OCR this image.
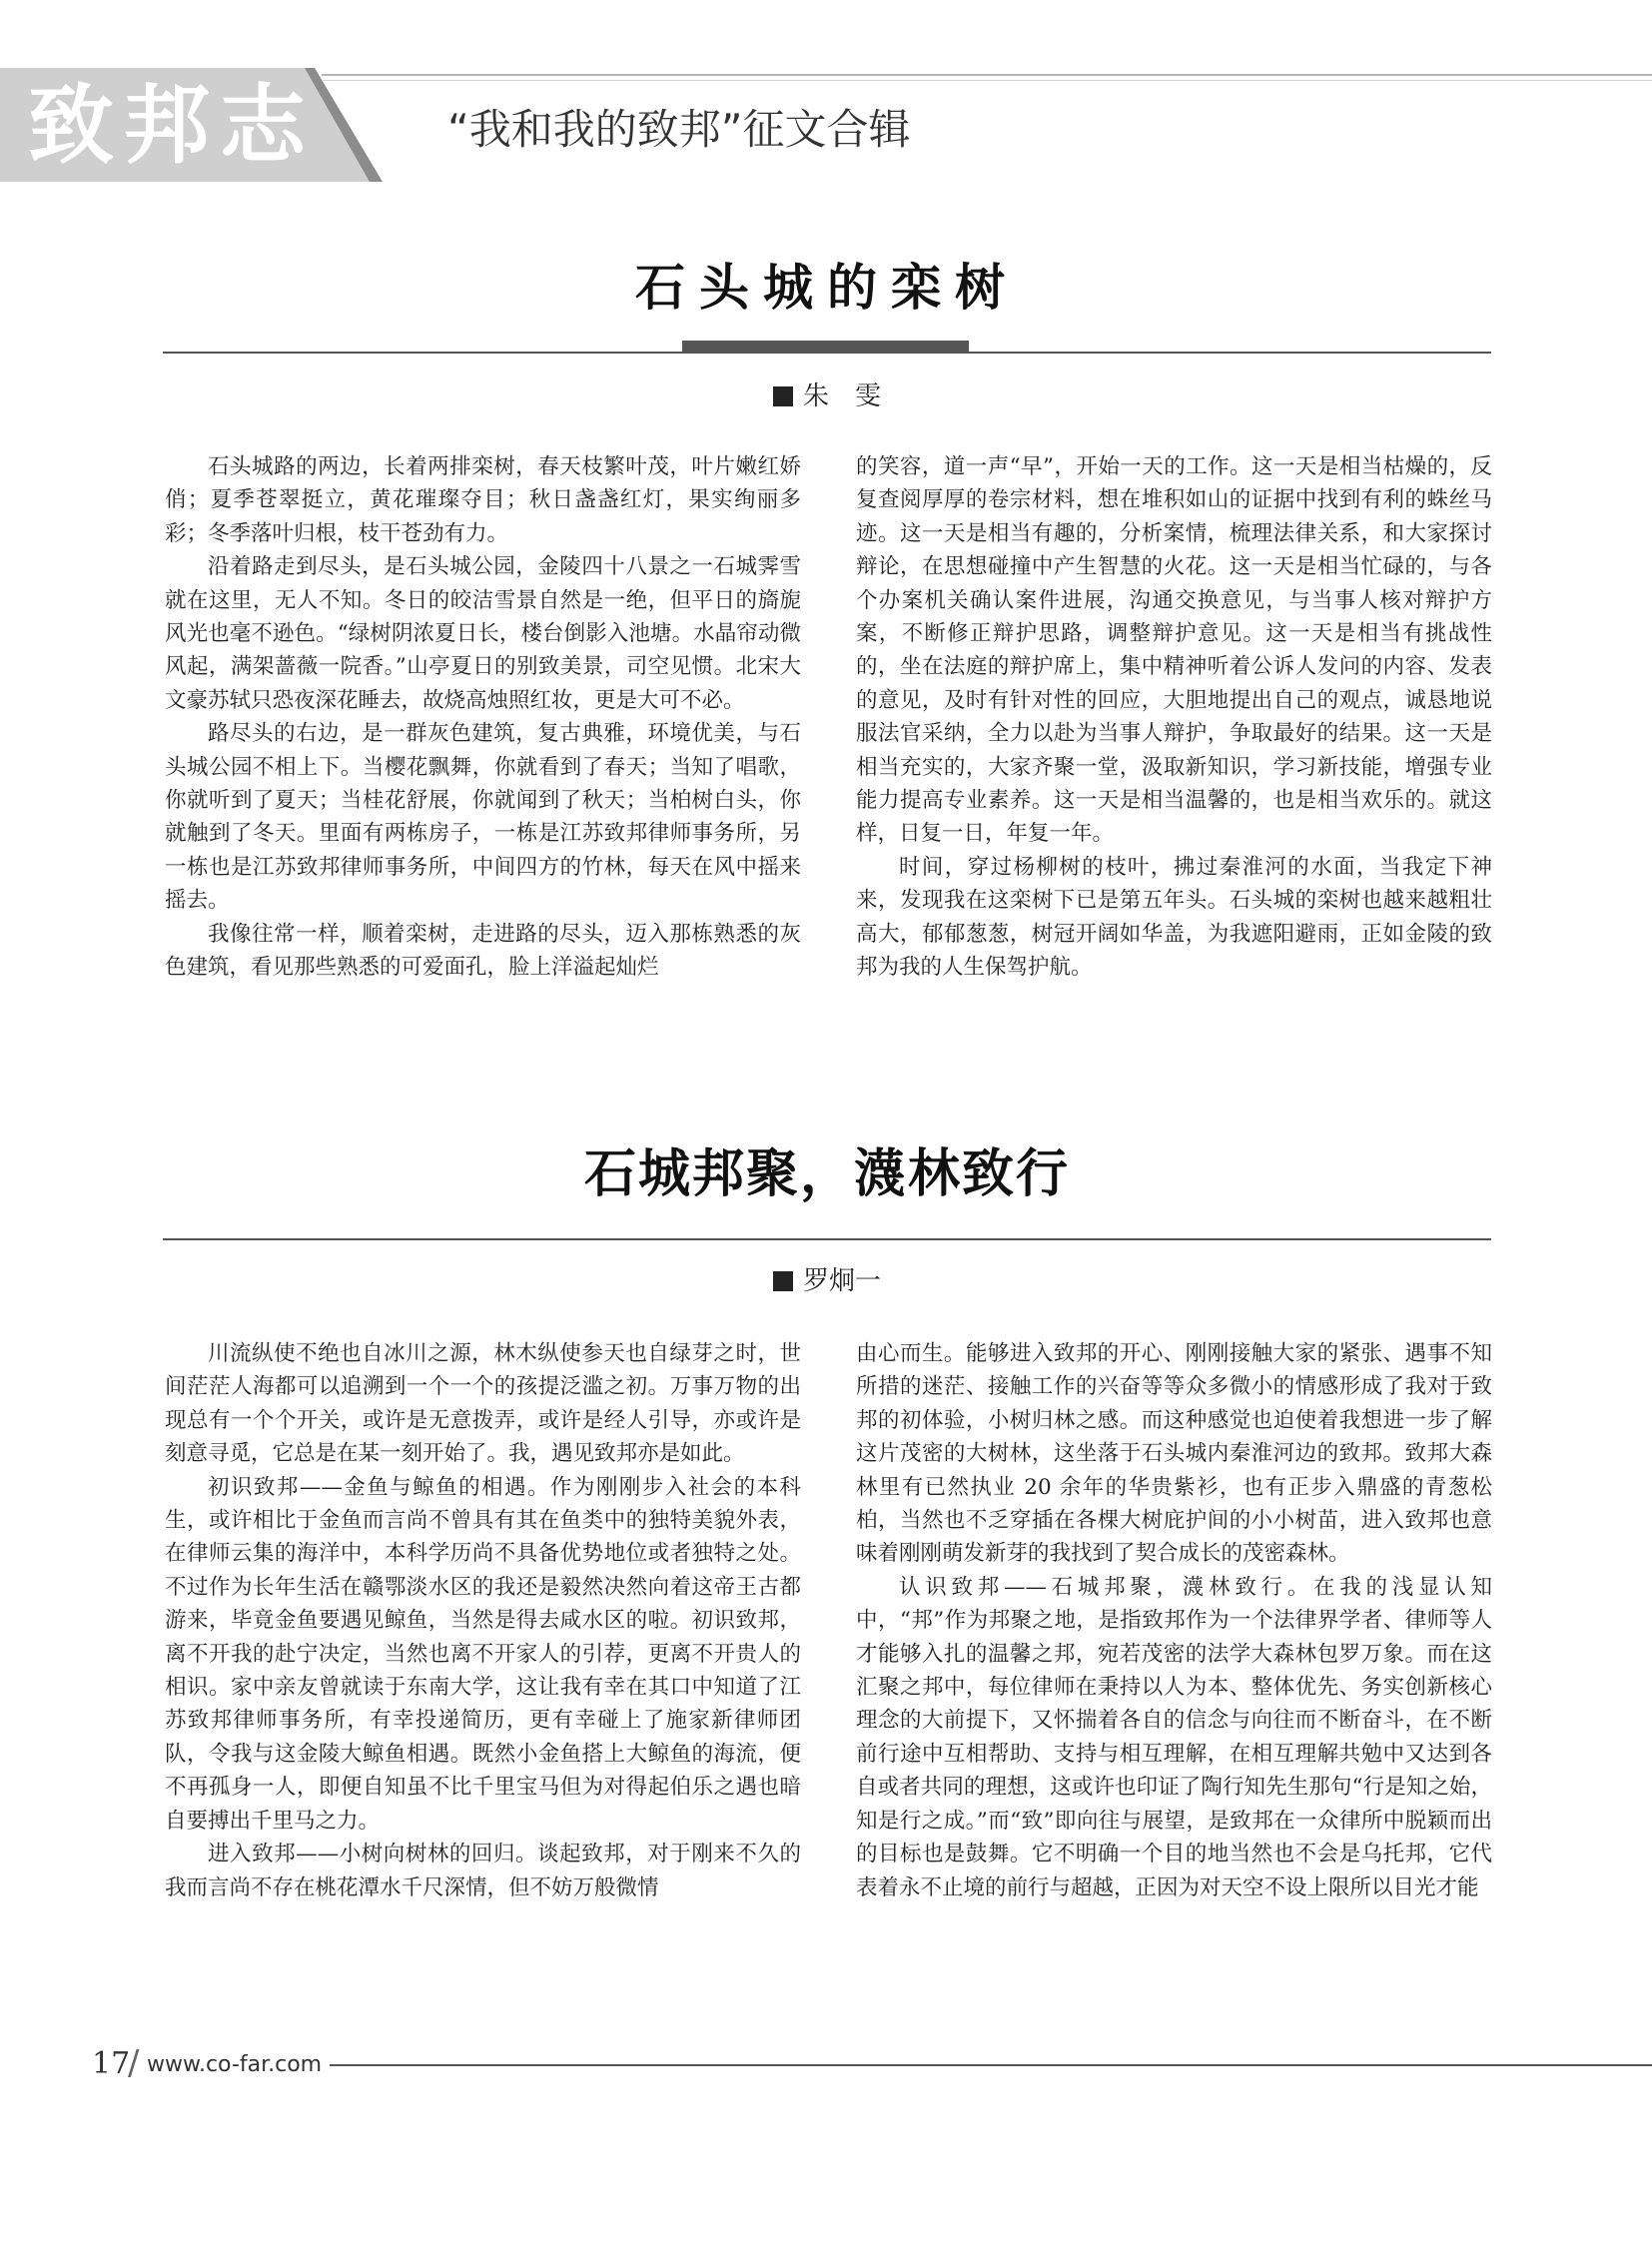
致邦志	“我和我的致邦”征文合辑
石头城的栾树
朱　雯

石头城路的两边，长着两排栾树，春天枝繁叶茂，叶片嫩红娇俏；夏季苍翠挺立，黄花璀璨夺目；秋日盏盏红灯，果实绚丽多彩；冬季落叶归根，枝干苍劲有力。

沿着路走到尽头，是石头城公园，金陵四十八景之一石城霁雪就在这里，无人不知。冬日的皎洁雪景自然是一绝，但平日的旖旎风光也毫不逊色。“绿树阴浓夏日长，楼台倒影入池塘。水晶帘动微风起，满架蔷薇一院香。”山亭夏日的别致美景，司空见惯。北宋大文豪苏轼只恐夜深花睡去，故烧高烛照红妆，更是大可不必。

路尽头的右边，是一群灰色建筑，复古典雅，环境优美，与石头城公园不相上下。当樱花飘舞，你就看到了春天；当知了唱歌，你就听到了夏天；当桂花舒展，你就闻到了秋天；当柏树白头，你就触到了冬天。里面有两栋房子，一栋是江苏致邦律师事务所，另一栋也是江苏致邦律师事务所，中间四方的竹林，每天在风中摇来摇去。

我像往常一样，顺着栾树，走进路的尽头，迈入那栋熟悉的灰色建筑，看见那些熟悉的可爱面孔，脸上洋溢起灿烂

的笑容，道一声“早”，开始一天的工作。这一天是相当枯燥的，反复查阅厚厚的卷宗材料，想在堆积如山的证据中找到有利的蛛丝马迹。这一天是相当有趣的，分析案情，梳理法律关系，和大家探讨辩论，在思想碰撞中产生智慧的火花。这一天是相当忙碌的，与各个办案机关确认案件进展，沟通交换意见，与当事人核对辩护方案，不断修正辩护思路，调整辩护意见。这一天是相当有挑战性的，坐在法庭的辩护席上，集中精神听着公诉人发问的内容、发表的意见，及时有针对性的回应，大胆地提出自己的观点，诚恳地说服法官采纳，全力以赴为当事人辩护，争取最好的结果。这一天是相当充实的，大家齐聚一堂，汲取新知识，学习新技能，增强专业能力提高专业素养。这一天是相当温馨的，也是相当欢乐的。就这样，日复一日，年复一年。

时间，穿过杨柳树的枝叶，拂过秦淮河的水面，当我定下神来，发现我在这栾树下已是第五年头。石头城的栾树也越来越粗壮高大，郁郁葱葱，树冠开阔如华盖，为我遮阳避雨，正如金陵的致邦为我的人生保驾护航。

石城邦聚，瀎林致行
罗炯一

川流纵使不绝也自冰川之源，林木纵使参天也自绿芽之时，世间茫茫人海都可以追溯到一个一个的孩提泛滥之初。万事万物的出现总有一个个开关，或许是无意拨弄，或许是经人引导，亦或许是刻意寻觅，它总是在某一刻开始了。我，遇见致邦亦是如此。

初识致邦——金鱼与鲸鱼的相遇。作为刚刚步入社会的本科生，或许相比于金鱼而言尚不曾具有其在鱼类中的独特美貌外表，在律师云集的海洋中，本科学历尚不具备优势地位或者独特之处。不过作为长年生活在赣鄂淡水区的我还是毅然决然向着这帝王古都游来，毕竟金鱼要遇见鲸鱼，当然是得去咸水区的啦。初识致邦，离不开我的赴宁决定，当然也离不开家人的引荐，更离不开贵人的相识。家中亲友曾就读于东南大学，这让我有幸在其口中知道了江苏致邦律师事务所，有幸投递简历，更有幸碰上了施家新律师团队，令我与这金陵大鲸鱼相遇。既然小金鱼搭上大鲸鱼的海流，便不再孤身一人，即便自知虽不比千里宝马但为对得起伯乐之遇也暗自要搏出千里马之力。

进入致邦——小树向树林的回归。谈起致邦，对于刚来不久的我而言尚不存在桃花潭水千尺深情，但不妨万般微情

由心而生。能够进入致邦的开心、刚刚接触大家的紧张、遇事不知所措的迷茫、接触工作的兴奋等等众多微小的情感形成了我对于致邦的初体验，小树归林之感。而这种感觉也迫使着我想进一步了解这片茂密的大树林，这坐落于石头城内秦淮河边的致邦。致邦大森林里有已然执业 20 余年的华贵紫衫，也有正步入鼎盛的青葱松柏，当然也不乏穿插在各棵大树庇护间的小小树苗，进入致邦也意味着刚刚萌发新芽的我找到了契合成长的茂密森林。

认识致邦——石城邦聚，瀎林致行。在我的浅显认知中，“邦”作为邦聚之地，是指致邦作为一个法律界学者、律师等人才能够入扎的温馨之邦，宛若茂密的法学大森林包罗万象。而在这汇聚之邦中，每位律师在秉持以人为本、整体优先、务实创新核心理念的大前提下，又怀揣着各自的信念与向往而不断奋斗，在不断前行途中互相帮助、支持与相互理解，在相互理解共勉中又达到各自或者共同的理想，这或许也印证了陶行知先生那句“行是知之始，知是行之成。”而“致”即向往与展望，是致邦在一众律所中脱颖而出的目标也是鼓舞。它不明确一个目的地当然也不会是乌托邦，它代表着永不止境的前行与超越，正因为对天空不设上限所以目光才能

17
/ www.co-far.com
